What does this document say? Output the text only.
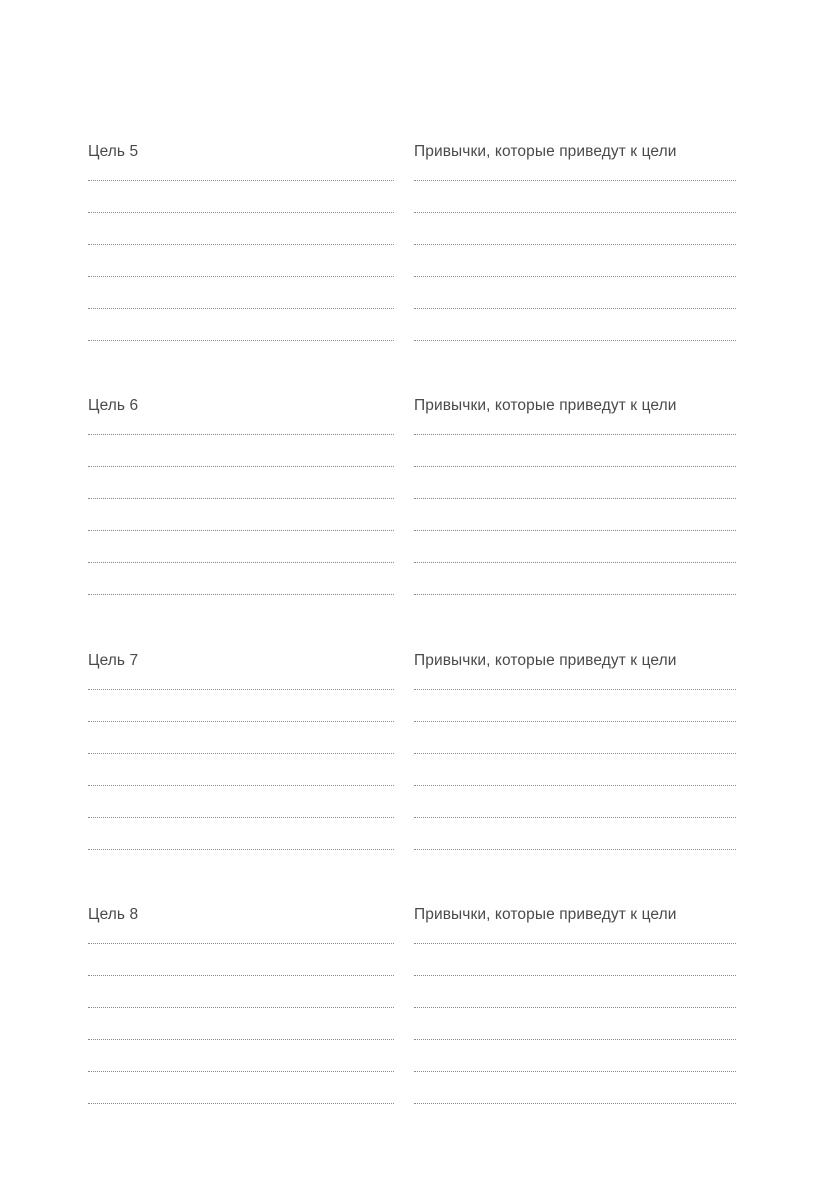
Цель 5	Привычки, которые приведут к цели
Цель 6	Привычки, которые приведут к цели
Цель 7	Привычки, которые приведут к цели
Цель 8	Привычки, которые приведут к цели
